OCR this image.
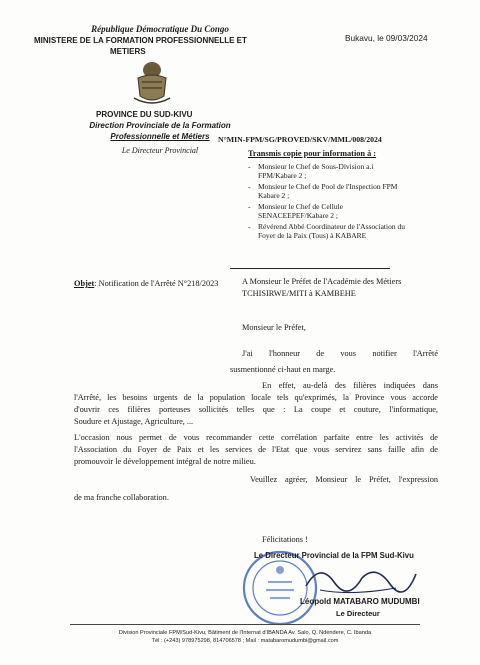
République Démocratique Du Congo
MINISTERE DE LA FORMATION PROFESSIONNELLE ET
METIERS
PROVINCE DU SUD-KIVU
Direction Provinciale de la Formation
Professionnelle et Métiers
Le Directeur Provincial
Bukavu, le 09/03/2024
N°MIN-FPM/SG/PROVED/SKV/MML/008/2024
Transmis copie pour information à :
- Monsieur le Chef de Sous-Division a.i FPM/Kabare 2 ;
- Monsieur le Chef de Pool de l'Inspection FPM Kabare 2 ;
- Monsieur le Chef de Cellule SENACEEPEF/Kabare 2 ;
- Révérend Abbé Coordinateur de l'Association du Foyer de la Paix (Tous) à KABARE
Objet: Notification de l'Arrêté N°218/2023	A Monsieur le Préfet de l'Académie des Métiers
TCHISIRWE/MITI à KAMBEHE
Monsieur le Préfet,
J'ai l'honneur de vous notifier l'Arrêté
susmentionné ci-haut en marge.
En effet, au-delà des filières indiquées dans
l'Arrêté, les besoins urgents de la population locale tels qu'exprimés, la Province vous accorde
d'ouvrir ces filières porteuses sollicités telles que : La coupe et couture, l'informatique,
Soudure et Ajustage, Agriculture, ...
L'occasion nous permet de vous recommander cette corrélation parfaite entre les activités de
l'Association du Foyer de Paix et les services de l'Etat que vous servirez sans faille afin de
promouvoir le développement intégral de notre milieu.
Veuillez agréer, Monsieur le Préfet, l'expression
de ma franche collaboration.
Félicitations !
Le Directeur Provincial de la FPM Sud-Kivu
Léopold MATABARO MUDUMBI
Le Directeur
Division Provinciale FPM/Sud-Kivu, Bâtiment de l'Internat d'IBANDA Av. Salo, Q. Ndendere, C. Ibanda
Tél : (+243) 978975298, 814706578 ; Mail : matabaromudumbi@gmail.com
